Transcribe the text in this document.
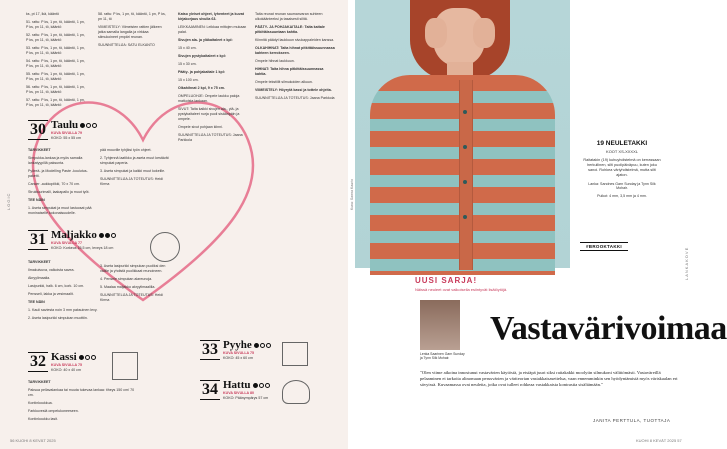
LOGIC

ks, pt 17, lkä, kääntö

51. rattu: P ks, 1 pn, tö, kääntö, 1 pn, P ks, pn 11, tö, kääntö

52. rattu: P ks, 1 pn, tö, kääntö, 1 pn, P ks, pn 11, tö, kääntö

53. rattu: P ks, 1 pn, tö, kääntö, 1 pn, P ks, pn 11, tö, kääntö

54. rattu: P ks, 1 pn, tö, kääntö, 1 pn, P ks, pn 11, tö, kääntö

55. rattu: P ks, 1 pn, tö, kääntö, 1 pn, P ks, pn 11, tö, kääntö

56. rattu: P ks, 1 pn, tö, kääntö, 1 pn, P ks, pn 11, tö, kääntö

57. rattu: P ks, 1 pn, tö, kääntö, 1 pn, P ks, pn 11, tö, kääntö

58. rattu: P ks, 1 pn, tö, kääntö, 1 pn, P ks, pn 11, tö

VIIMEISTELY: Viimeisten rattien jälkeen jatka samalla langalla ja virkkaa silmukoineet ympäri reunan.

SUUNNITTELIJA: SATU ELKANTO

30 Taulu
KUVA SIVULLA 79
KOKO: 55 x 55 cm

TARVIKKEET

Simpukka-lankaa ja myös samalla lankatyypillä paksunta.

Pyöreä- ja Modelling Paste -koulutus-paketti.

Cancer -aukkopiikki, 70 x 70 cm.

Struktuurimalli, laakapallo ja muut työt.

TEE NÄIN

1. Aseta simpukat ja muut lastuosat pää moninaiselle kokonaisuudelle.

pää mouville tyhjiksi työn ohjeet.

2. Tyhjennä laatikko ja aseta muut kestävät simpukat paperia.

3. Aseta simpukat ja kaikki muut kokeille.

SUUNNITTELIJA JA TOTEUTUS: Heidi Kirma

31 Maljakko
KUVA SIVULLA 77
KOKO: Korkeus 15,5 cm, leveys 18 cm

TARVIKKEET

Ilmakuivuva, valkoista savea.

Akryylimaalia.

Lasipurkki, halk. 6 cm, kork. 10 cm.

Pensseli, lakka ja vesimaalit.

TEE NÄIN

1. Kauli saviesta noin 3 mm paksuinen levy.

2. Aseta lasipurkki simpukan muottiin.

3. Aseta lasipurkki simpukan puoliksi den välille ja yhdistä puolikkaat reunoineen.

4. Pensele simpukan alareunoja.

5. Maalaa maljakko akryylimaalilla.

SUUNNITTELIJA JA TOTEUTUS: Heidi Kirma

32 Kassi
KUVA SIVULLA 75
KOKO: 40 x 40 cm

TARVIKKEET

Paksua pellavalankaa tai muuta tukevaa lankaa: tiheys 150 cm/ 70 cm.

Kontinkoukkua.

Farkkuvesiä ompelukoneeseen.

Kontinkoukku lasit.

Katso yleiset ohjeet, lyhenteet ja kuvat kirjakorjaus sivulla 63.

LEIKKAAMINEN: Leikkaa mittojen mukaan palat.

Sivujen ala- ja yläkaitaleet x kpl:

15 x 40 cm.

Sivujen pystykaitaleet x kpl:

15 x 30 cm.

Pääty- ja pohjakaitale 1 kpl:

15 x 100 cm.

Olkahihnat 2 kpl, 9 x 75 cm.

OMPELUOHJE: Ompele laukku paloja matkoista lankaan.

SIVUT: Taita kaikki sivujen ala-, ylä- ja pystykaitaleet nurja puoli sisäänpäin ja ompele.

Ompele sivut pohjaan kiinni.

SUUNNITTELIJA JA TOTEUTUS: Jaana Parkkola

Taita reunat reunan saumanvaran suhteen ulkokäänteeksi ja tasaisesti silitä.

PÄÄTY- JA POHJAKAITALE: Taita kaitale pitkittäissuuntaan kahtia.

Kiinnitä päädyt laukkuun sivukappaleiden kanssa.

OLKAHIHNAT: Taita hihnat pitkittäissuunnassa kahteen kerrokseen.

Ompele hihnat laukkuun.

HIHNAT: Taita hihna pitkittäissuunnassa kahtia.

Ompele tekstiilit silmukoiden alkuun.

VIIMEISTELY: Höyrytä kassi ja tottele ohjeita.

SUUNNITTELIJA JA TOTEUTUS: Jaana Parkkola

33 Pyyhe
KUVA SIVULLA 75
KOKO: 45 x 60 cm
34 Hattu
KUVA SIVULLA 80
KOKO: Päänympärys 57 cm
56 KUOHI 8 KEVÄT 2025
Kuva: Sanna Kaurio
19 NEULETAKKI
KOOT XS-XXXXL
Raitatakin (19) kuhuyhdistelmä on kerrassaan herkullinen, silti puolipäiväpuu, kuten joku sanoi. Rohkea väriyhdistelmä, mutta silti ajaton.
Lanka: Sandnes Garn Sunday ja Tynn Silk Mohair.
Puikot: 4 mm, 3,5 mm ja 4 mm.
#BROOKTAKKI
LANKAKOVE
UUSI SARJA!
Näissä neuleet ovat valkoisella esiintyvät lisälöytöjä.
Lenka Saarinen Garn Sunday ja Tynn Silk Mohair.
Vastavärivoimaa
"Olen viime aikoina innostunut vastavärien käytöstä, ja etsiäpä juuri siksi raitakakki moolytin silmukoni välittömästi. Vastaväreillä pelaaminen ei tarkoita alinomaan perusvärien ja väriteorian vastakkaisasettelua, vaan ennemminkin sen hyödyntämistä myös väriskaalan eri sävyissä. Kuvaamassa ovat neuleita, jotka ovat tulleet rohkeaa vastakkaista kontrastia sisältämään."
JANITA PERTTULA, TUOTTAJA
KUOHI 8 KEVÄT 2025 57
